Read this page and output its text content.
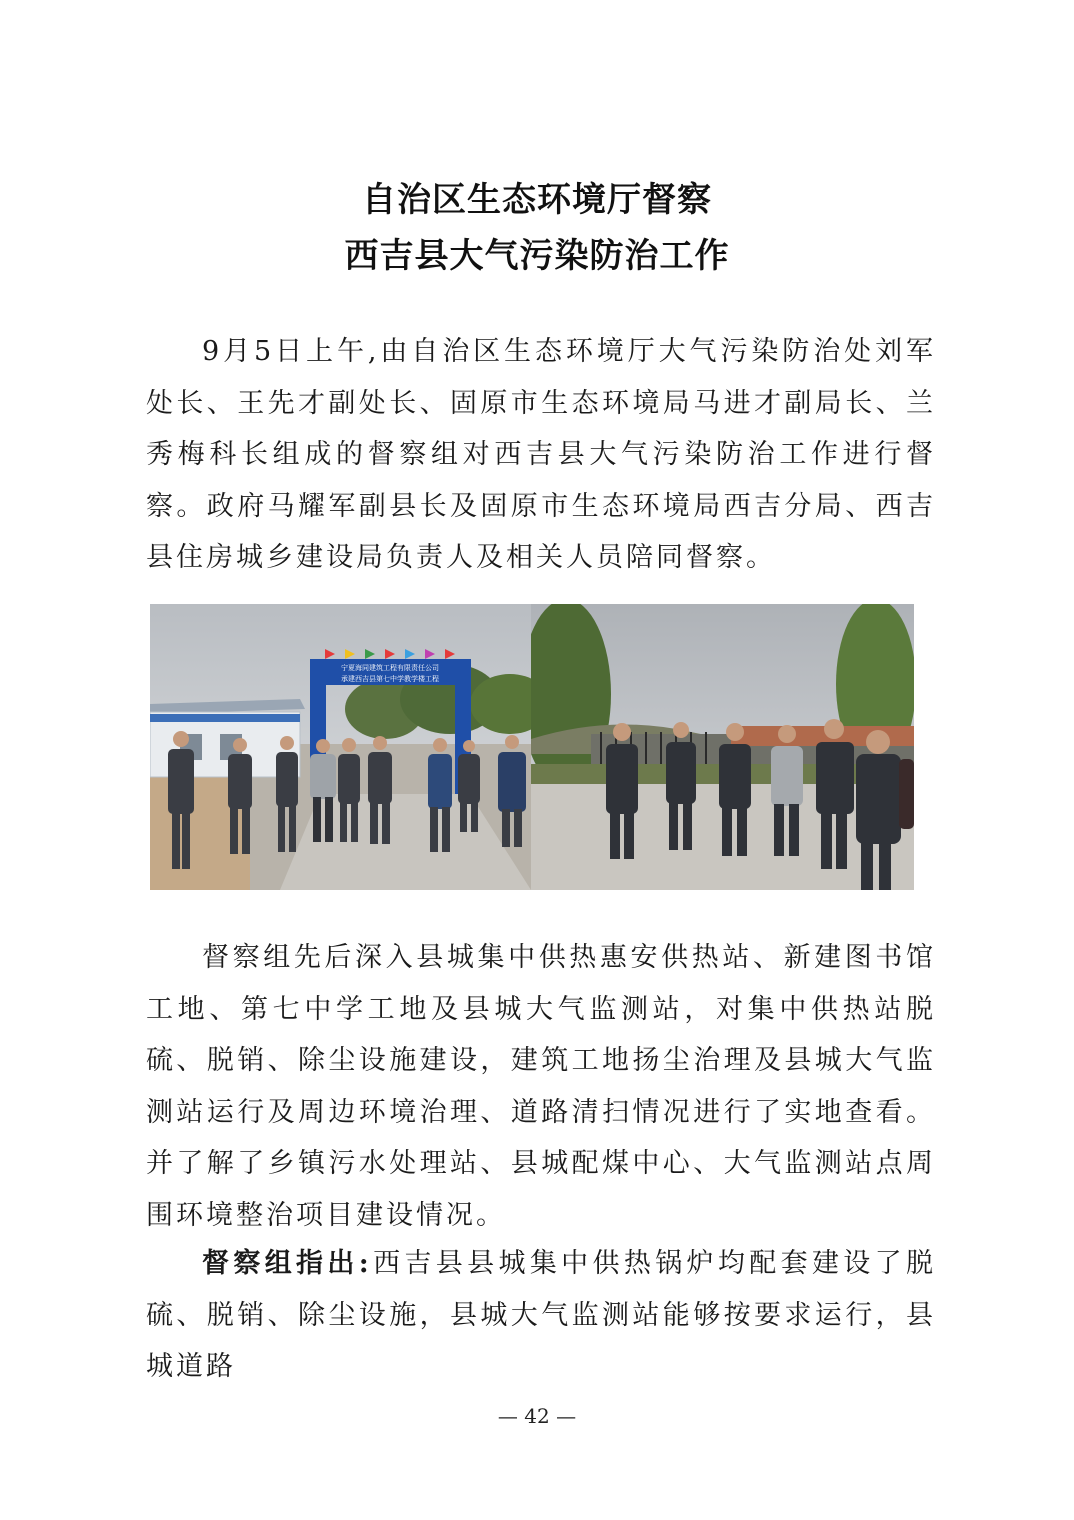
自治区生态环境厅督察
西吉县大气污染防治工作

9月5日上午,由自治区生态环境厅大气污染防治处刘军处长、王先才副处长、固原市生态环境局马进才副局长、兰秀梅科长组成的督察组对西吉县大气污染防治工作进行督察。政府马耀军副县长及固原市生态环境局西吉分局、西吉县住房城乡建设局负责人及相关人员陪同督察。

宁夏海同建筑工程有限责任公司
承建西吉县第七中学教学楼工程

督察组先后深入县城集中供热惠安供热站、新建图书馆工地、第七中学工地及县城大气监测站，对集中供热站脱硫、脱销、除尘设施建设，建筑工地扬尘治理及县城大气监测站运行及周边环境治理、道路清扫情况进行了实地查看。并了解了乡镇污水处理站、县城配煤中心、大气监测站点周围环境整治项目建设情况。

督察组指出:西吉县县城集中供热锅炉均配套建设了脱硫、脱销、除尘设施，县城大气监测站能够按要求运行，县城道路

— 42 —
